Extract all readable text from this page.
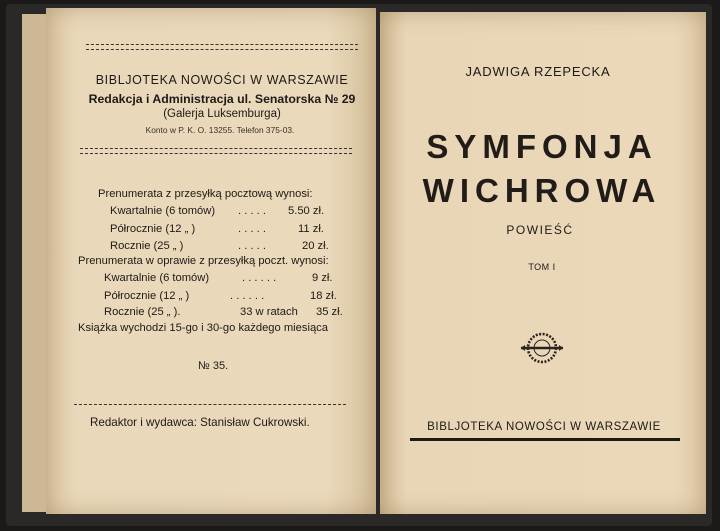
BIBLJOTEKA NOWOŚCI W WARSZAWIE
Redakcja i Administracja ul. Senatorska № 29
(Galerja Luksemburga)
Konto w P. K. O. 13255. Telefon 375-03.
Prenumerata z przesyłką pocztową wynosi:
Kwartalnie (6 tomów) . . . . . 5.50 zł.
Półrocznie (12 „ )	. . . . .	11 zł.
Rocznie (25 „ )	. . . . .	20 zł.
Prenumerata w oprawie z przesyłką poczt. wynosi:
Kwartalnie (6 tomów)	. . . . . .	9 zł.
Półrocznie (12 „ )	. . . . . .	18 zł.
Rocznie (25 „ ).	33 w ratach 35 zł.
Książka wychodzi 15-go i 30-go każdego miesiąca
№ 35.
Redaktor i wydawca: Stanisław Cukrowski.
JADWIGA RZEPECKA
SYMFONJA
WICHROWA
POWIEŚĆ
TOM I
BIBLJOTEKA NOWOŚCI W WARSZAWIE
